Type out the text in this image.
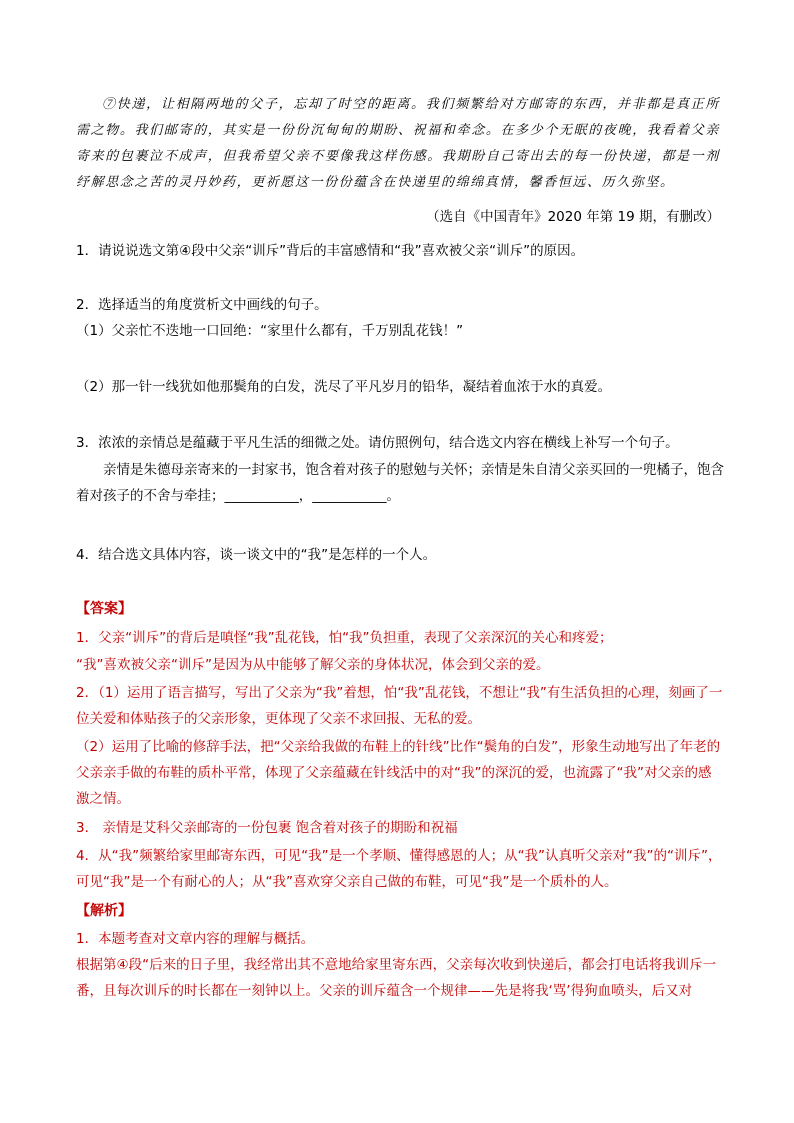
⑦快递，让相隔两地的父子，忘却了时空的距离。我们频繁给对方邮寄的东西，并非都是真正所需之物。我们邮寄的，其实是一份份沉甸甸的期盼、祝福和牵念。在多少个无眠的夜晚，我看着父亲寄来的包裹泣不成声，但我希望父亲不要像我这样伤感。我期盼自己寄出去的每一份快递，都是一剂纾解思念之苦的灵丹妙药，更祈愿这一份份蕴含在快递里的绵绵真情，馨香恒远、历久弥坚。
（选自《中国青年》2020 年第 19 期，有删改）
1．请说说选文第④段中父亲“训斥”背后的丰富感情和“我”喜欢被父亲“训斥”的原因。
2．选择适当的角度赏析文中画线的句子。
（1）父亲忙不迭地一口回绝：“家里什么都有，千万别乱花钱！”
（2）那一针一线犹如他那鬓角的白发，洗尽了平凡岁月的铅华，凝结着血浓于水的真爱。
3．浓浓的亲情总是蕴藏于平凡生活的细微之处。请仿照例句，结合选文内容在横线上补写一个句子。
亲情是朱德母亲寄来的一封家书，饱含着对孩子的慰勉与关怀；亲情是朱自清父亲买回的一兜橘子，饱含着对孩子的不舍与牵挂；___________，___________。
4．结合选文具体内容，谈一谈文中的“我”是怎样的一个人。
【答案】
1．父亲“训斥”的背后是嗔怪“我”乱花钱，怕“我”负担重，表现了父亲深沉的关心和疼爱；
“我”喜欢被父亲“训斥”是因为从中能够了解父亲的身体状况，体会到父亲的爱。
2．（1）运用了语言描写，写出了父亲为“我”着想，怕“我”乱花钱，不想让“我”有生活负担的心理，刻画了一位关爱和体贴孩子的父亲形象，更体现了父亲不求回报、无私的爱。
（2）运用了比喻的修辞手法，把“父亲给我做的布鞋上的针线”比作“鬓角的白发”，形象生动地写出了年老的父亲亲手做的布鞋的质朴平常，体现了父亲蕴藏在针线活中的对“我”的深沉的爱，也流露了“我”对父亲的感激之情。
3． 亲情是艾科父亲邮寄的一份包裹 饱含着对孩子的期盼和祝福
4．从“我”频繁给家里邮寄东西，可见“我”是一个孝顺、懂得感恩的人；从“我”认真听父亲对“我”的“训斥”，可见“我”是一个有耐心的人；从“我”喜欢穿父亲自己做的布鞋，可见“我”是一个质朴的人。
【解析】
1．本题考查对文章内容的理解与概括。
根据第④段“后来的日子里，我经常出其不意地给家里寄东西，父亲每次收到快递后，都会打电话将我训斥一番，且每次训斥的时长都在一刻钟以上。父亲的训斥蕴含一个规律——先是将我‘骂’得狗血喷头，后又对
